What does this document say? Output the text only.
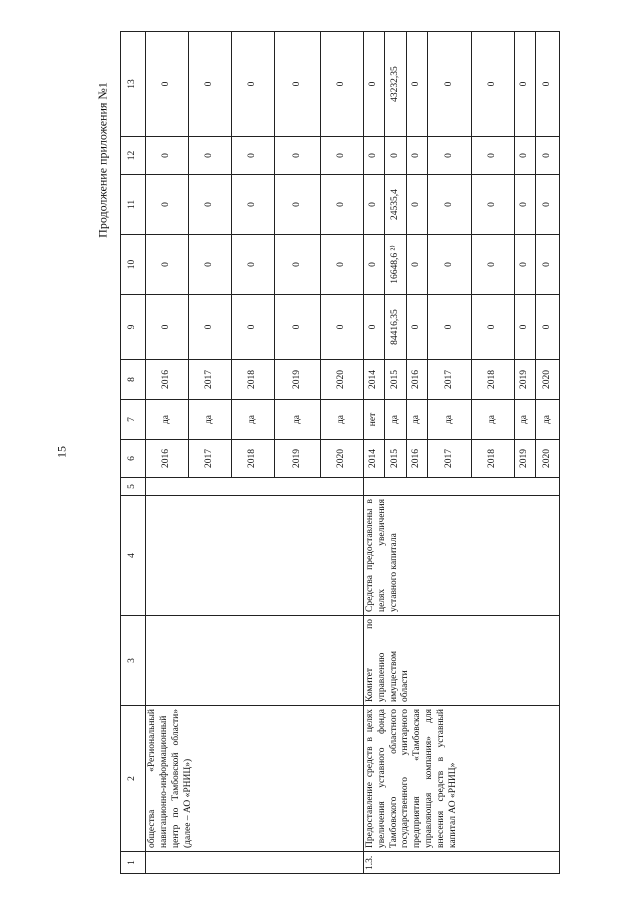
15
Продолжение приложения №1
1	2	3	4	5	6	7	8	9	10	11	12	13
	общества «Региональный навигационно-информационный центр по Тамбовской области» (далее – АО «РНИЦ»)				2016	да	2016	0	0	0	0	0
					2017	да	2017	0	0	0	0	0
					2018	да	2018	0	0	0	0	0
					2019	да	2019	0	0	0	0	0
					2020	да	2020	0	0	0	0	0
1.3.	Предоставление средств в целях увеличения уставного фонда Тамбовского областного государственного унитарного предприятия «Тамбовская управляющая компания» для внесения средств в уставный капитал АО «РНИЦ»	Комитет по управлению имуществом области	Средства предоставлены в целях увеличения уставного капитала		2014	нет	2014	0	0	0	0	0
					2015	да	2015	84416,35	16648,6 ²⁾	24535,4	0	43232,35
					2016	да	2016	0	0	0	0	0
					2017	да	2017	0	0	0	0	0
					2018	да	2018	0	0	0	0	0
					2019	да	2019	0	0	0	0	0
					2020	да	2020	0	0	0	0	0
